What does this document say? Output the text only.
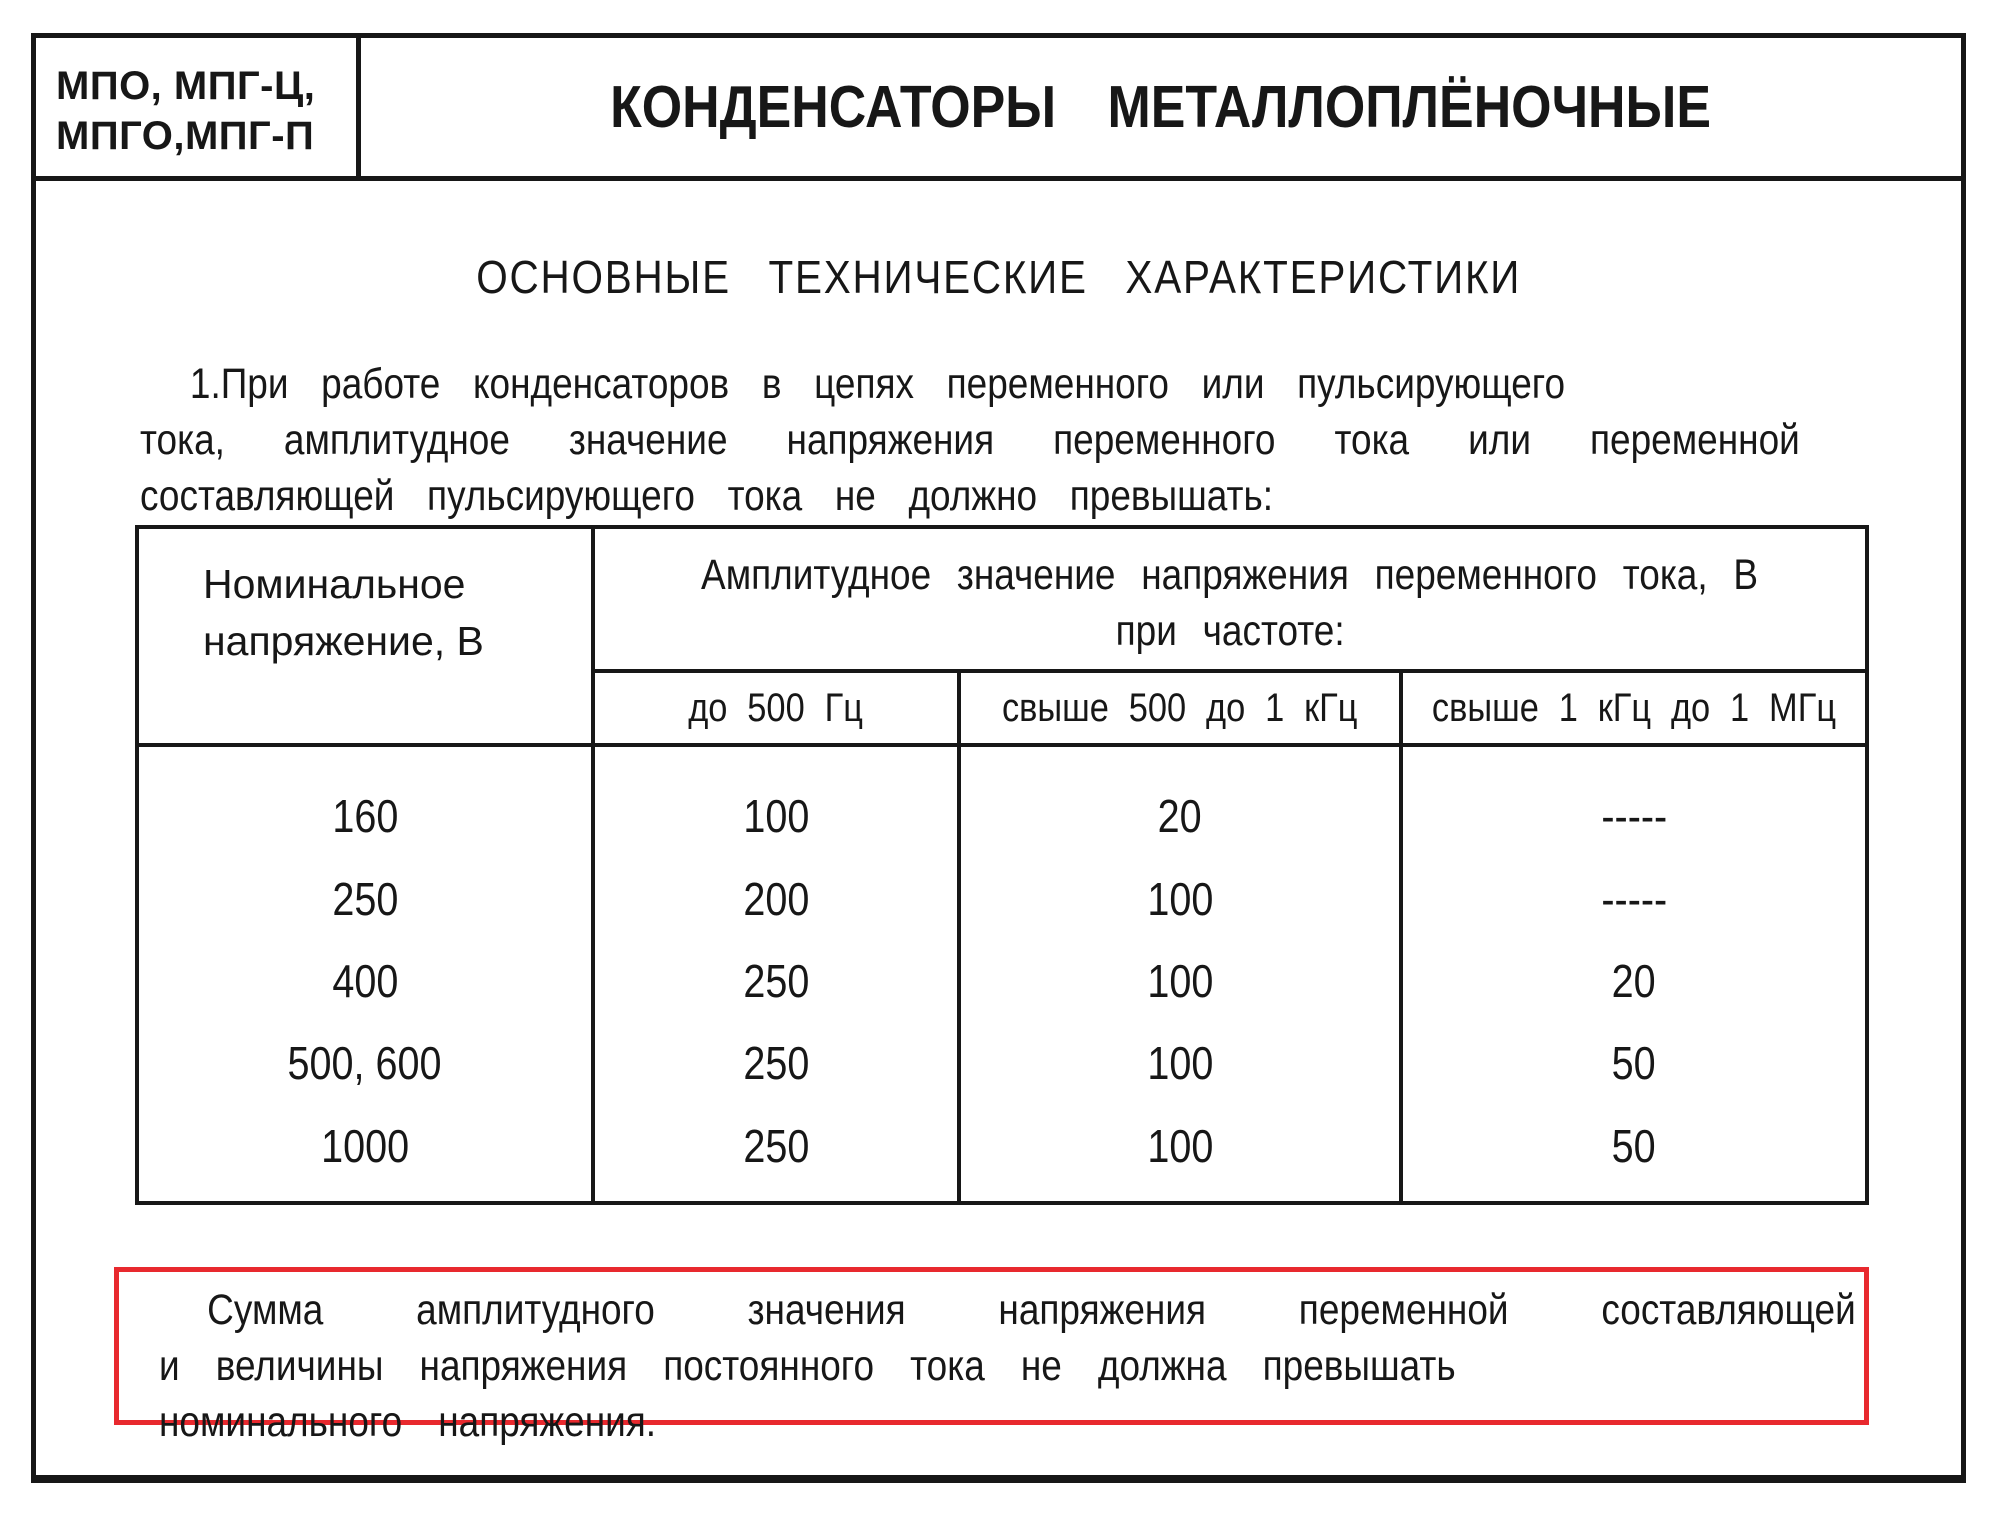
МПО, МПГ-Ц,
МПГО,МПГ-П	КОНДЕНСАТОРЫ МЕТАЛЛОПЛЁНОЧНЫЕ
ОСНОВНЫЕ ТЕХНИЧЕСКИЕ ХАРАКТЕРИСТИКИ
1.При работе конденсаторов в цепях переменного или пульсирующего
тока, амплитудное значение напряжения переменного тока или переменной
составляющей пульсирующего тока не должно превышать:
Номинальное
напряжение, В
Амплитудное значение напряжения переменного тока, В
при частоте:
до 500 Гц	свыше 500 до 1 кГц свыше 1 кГц до 1 МГц
160
250
400
500, 600
1000
100
200
250
250
250
20
100
100
100
100
-----
-----
20
50
50
Сумма амплитудного значения напряжения переменной составляющей
и величины напряжения постоянного тока не должна превышать
номинального напряжения.
